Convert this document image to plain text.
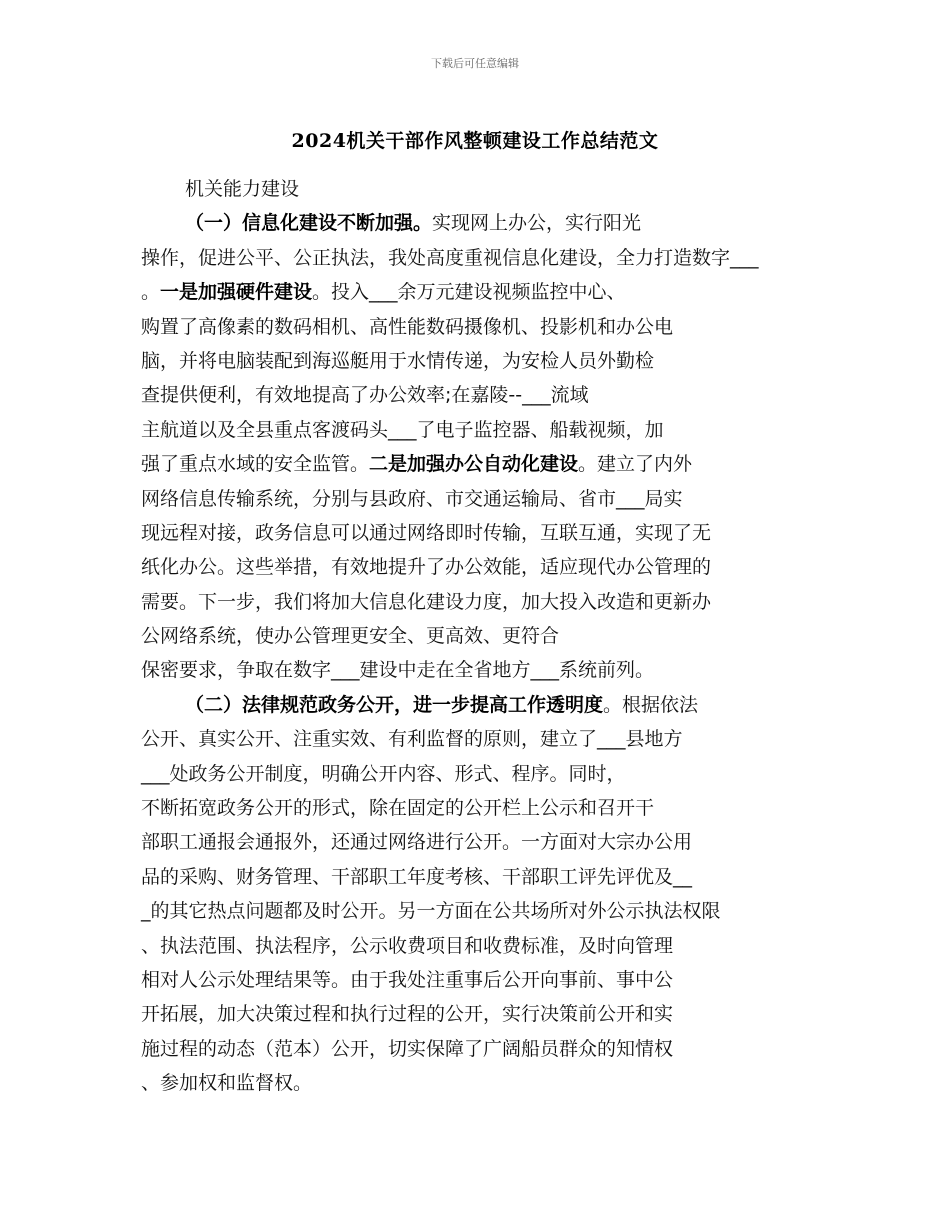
下载后可任意编辑
2024机关干部作风整顿建设工作总结范文
机关能力建设
（一）信息化建设不断加强。实现网上办公，实行阳光
操作，促进公平、公正执法，我处高度重视信息化建设，全力打造数字___
。一是加强硬件建设。投入___余万元建设视频监控中心、
购置了高像素的数码相机、高性能数码摄像机、投影机和办公电
脑，并将电脑装配到海巡艇用于水情传递，为安检人员外勤检
查提供便利，有效地提高了办公效率;在嘉陵--___流域
主航道以及全县重点客渡码头___了电子监控器、船载视频，加
强了重点水域的安全监管。二是加强办公自动化建设。建立了内外
网络信息传输系统，分别与县政府、市交通运输局、省市___局实
现远程对接，政务信息可以通过网络即时传输，互联互通，实现了无
纸化办公。这些举措，有效地提升了办公效能，适应现代办公管理的
需要。下一步，我们将加大信息化建设力度，加大投入改造和更新办
公网络系统，使办公管理更安全、更高效、更符合
保密要求，争取在数字___建设中走在全省地方___系统前列。
（二）法律规范政务公开，进一步提高工作透明度。根据依法
公开、真实公开、注重实效、有利监督的原则，建立了___县地方
___处政务公开制度，明确公开内容、形式、程序。同时，
不断拓宽政务公开的形式，除在固定的公开栏上公示和召开干
部职工通报会通报外，还通过网络进行公开。一方面对大宗办公用
品的采购、财务管理、干部职工年度考核、干部职工评先评优及__
_的其它热点问题都及时公开。另一方面在公共场所对外公示执法权限
、执法范围、执法程序，公示收费项目和收费标准，及时向管理
相对人公示处理结果等。由于我处注重事后公开向事前、事中公
开拓展，加大决策过程和执行过程的公开，实行决策前公开和实
施过程的动态（范本）公开，切实保障了广阔船员群众的知情权
、参加权和监督权。
